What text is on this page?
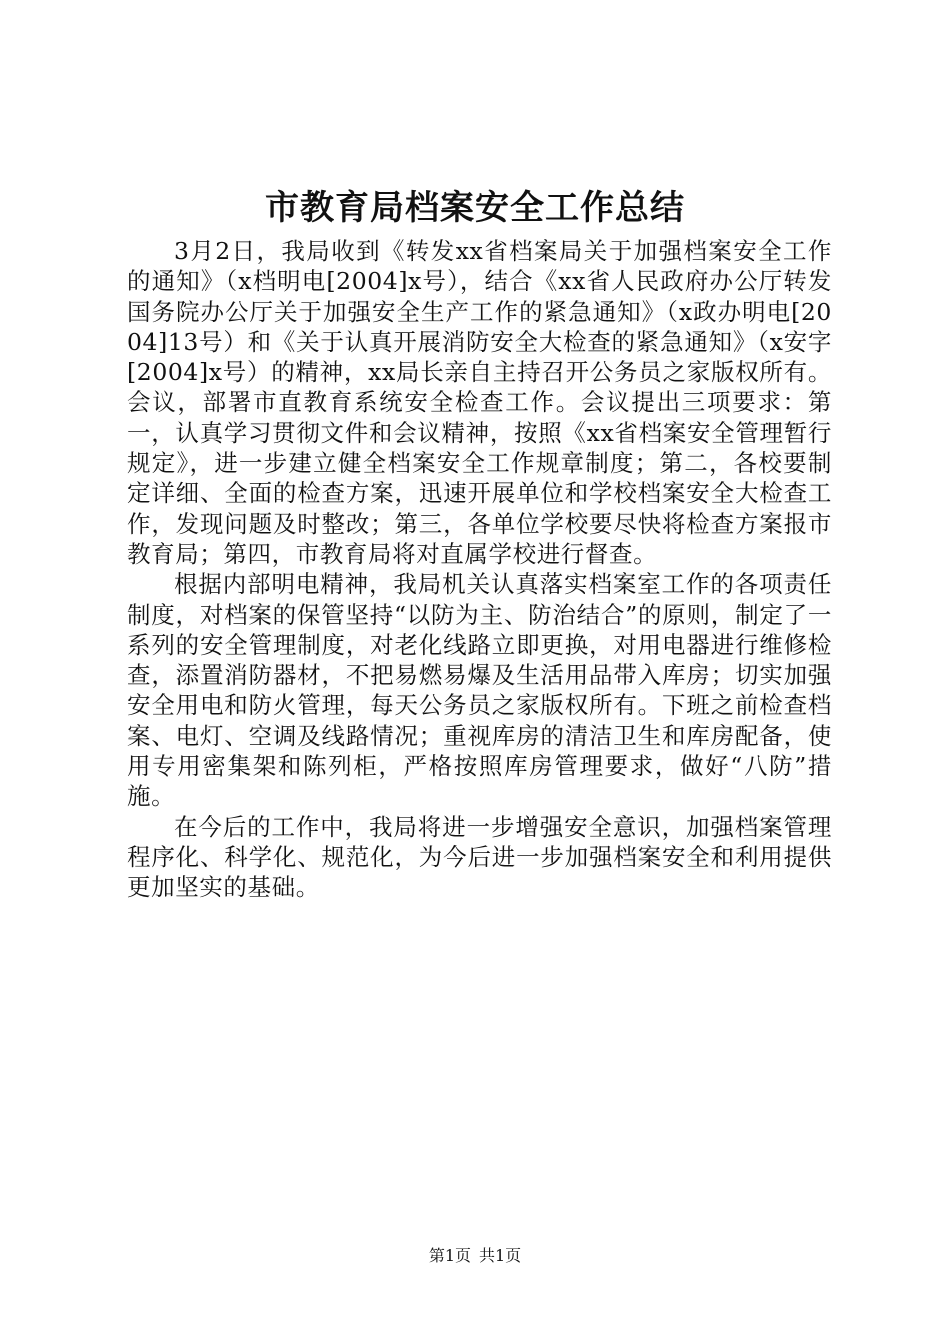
市教育局档案安全工作总结

3月2日，我局收到《转发xx省档案局关于加强档案安全工作的通知》（x档明电[2004]x号），结合《xx省人民政府办公厅转发国务院办公厅关于加强安全生产工作的紧急通知》（x政办明电[2004]13号）和《关于认真开展消防安全大检查的紧急通知》（x安字[2004]x号）的精神，xx局长亲自主持召开公务员之家版权所有。会议，部署市直教育系统安全检查工作。会议提出三项要求：第一，认真学习贯彻文件和会议精神，按照《xx省档案安全管理暂行规定》，进一步建立健全档案安全工作规章制度；第二，各校要制定详细、全面的检查方案，迅速开展单位和学校档案安全大检查工作，发现问题及时整改；第三，各单位学校要尽快将检查方案报市教育局；第四，市教育局将对直属学校进行督查。

根据内部明电精神，我局机关认真落实档案室工作的各项责任制度，对档案的保管坚持“以防为主、防治结合”的原则，制定了一系列的安全管理制度，对老化线路立即更换，对用电器进行维修检查，添置消防器材，不把易燃易爆及生活用品带入库房；切实加强安全用电和防火管理，每天公务员之家版权所有。下班之前检查档案、电灯、空调及线路情况；重视库房的清洁卫生和库房配备，使用专用密集架和陈列柜，严格按照库房管理要求，做好“八防”措施。

在今后的工作中，我局将进一步增强安全意识，加强档案管理程序化、科学化、规范化，为今后进一步加强档案安全和利用提供更加坚实的基础。

第1页 共1页
